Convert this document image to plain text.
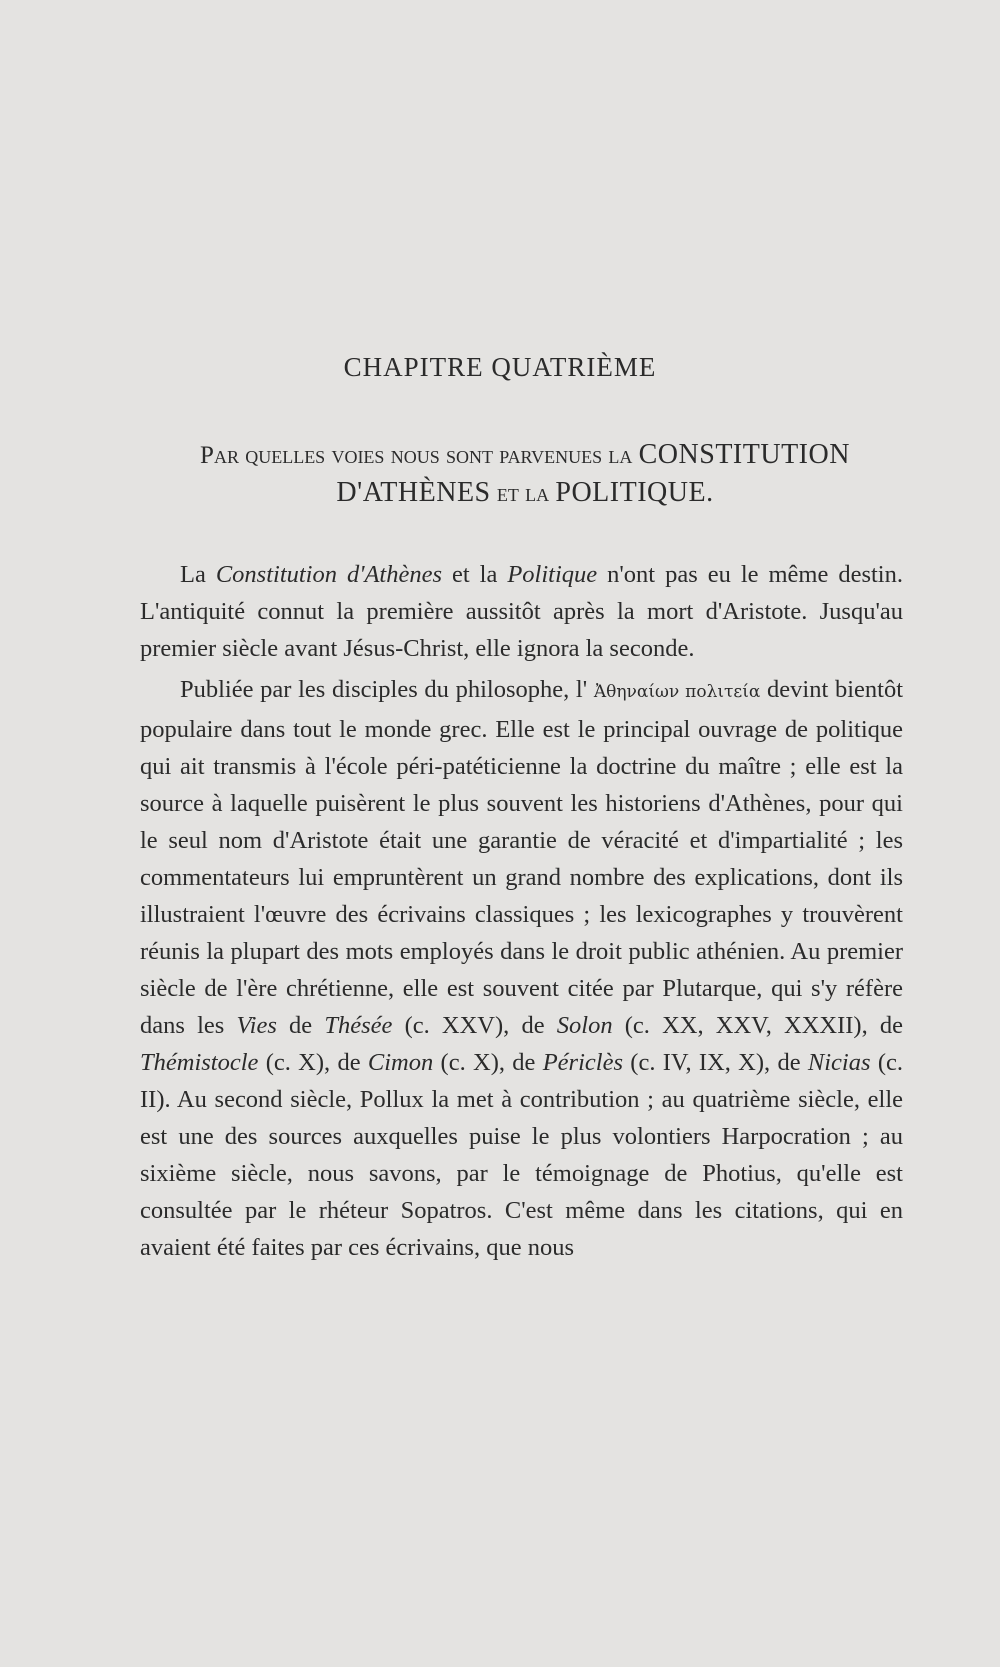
CHAPITRE QUATRIÈME
Par quelles voies nous sont parvenues la CONSTITUTION
D'ATHÈNES et la POLITIQUE.

La Constitution d'Athènes et la Politique n'ont pas eu le même destin. L'antiquité connut la première aussitôt après la mort d'Aristote. Jusqu'au premier siècle avant Jésus-Christ, elle ignora la seconde.

Publiée par les disciples du philosophe, l' Ἀθηναίων πολιτεία devint bientôt populaire dans tout le monde grec. Elle est le principal ouvrage de politique qui ait transmis à l'école péri-patéticienne la doctrine du maître ; elle est la source à laquelle puisèrent le plus souvent les historiens d'Athènes, pour qui le seul nom d'Aristote était une garantie de véracité et d'impartialité ; les commentateurs lui empruntèrent un grand nombre des explications, dont ils illustraient l'œuvre des écrivains classiques ; les lexicographes y trouvèrent réunis la plupart des mots employés dans le droit public athénien. Au premier siècle de l'ère chrétienne, elle est souvent citée par Plutarque, qui s'y réfère dans les Vies de Thésée (c. XXV), de Solon (c. XX, XXV, XXXII), de Thémistocle (c. X), de Cimon (c. X), de Périclès (c. IV, IX, X), de Nicias (c. II). Au second siècle, Pollux la met à contribution ; au quatrième siècle, elle est une des sources auxquelles puise le plus volontiers Harpocration ; au sixième siècle, nous savons, par le témoignage de Photius, qu'elle est consultée par le rhéteur Sopatros. C'est même dans les citations, qui en avaient été faites par ces écrivains, que nous
